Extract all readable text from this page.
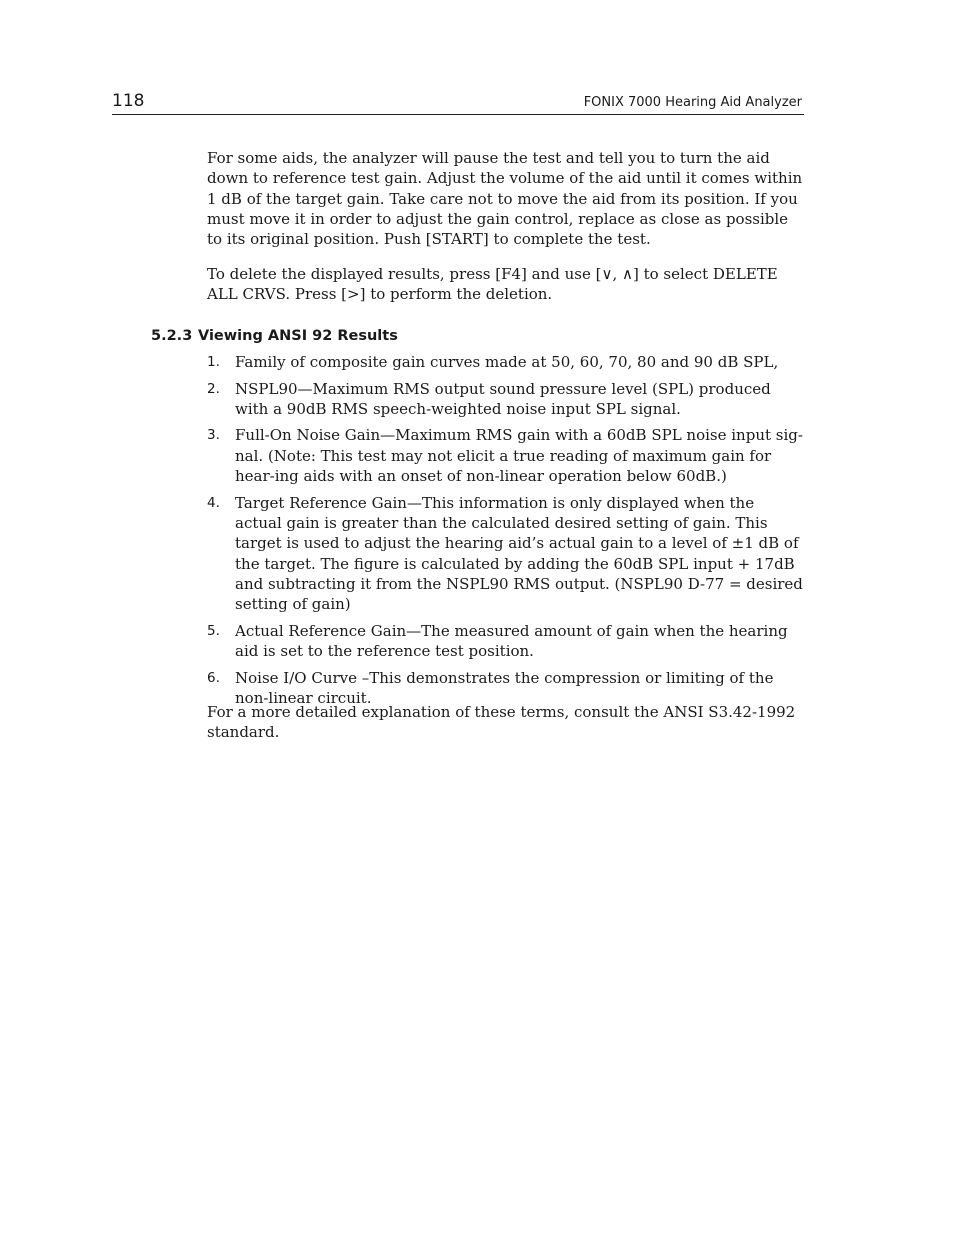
118	FONIX 7000 Hearing Aid Analyzer

For some aids, the analyzer will pause the test and tell you to turn the aid down to reference test gain. Adjust the volume of the aid until it comes within 1 dB of the target gain. Take care not to move the aid from its position. If you must move it in order to adjust the gain control, replace as close as possible to its original position. Push [START] to complete the test.

To delete the displayed results, press [F4] and use [∨, ∧] to select DELETE ALL CRVS. Press [>] to perform the deletion.

5.2.3 Viewing ANSI 92 Results
1. Family of composite gain curves made at 50, 60, 70, 80 and 90 dB SPL,
2. NSPL90—Maximum RMS output sound pressure level (SPL) produced with a 90dB RMS speech-weighted noise input SPL signal.
3. Full-On Noise Gain—Maximum RMS gain with a 60dB SPL noise input sig-nal. (Note: This test may not elicit a true reading of maximum gain for hear-ing aids with an onset of non-linear operation below 60dB.)
4. Target Reference Gain—This information is only displayed when the actual gain is greater than the calculated desired setting of gain. This target is used to adjust the hearing aid’s actual gain to a level of ±1 dB of the target. The figure is calculated by adding the 60dB SPL input + 17dB and subtracting it from the NSPL90 RMS output. (NSPL90 D-77 = desired setting of gain)
5. Actual Reference Gain—The measured amount of gain when the hearing aid is set to the reference test position.
6. Noise I/O Curve –This demonstrates the compression or limiting of the non-linear circuit.

For a more detailed explanation of these terms, consult the ANSI S3.42-1992 standard.
